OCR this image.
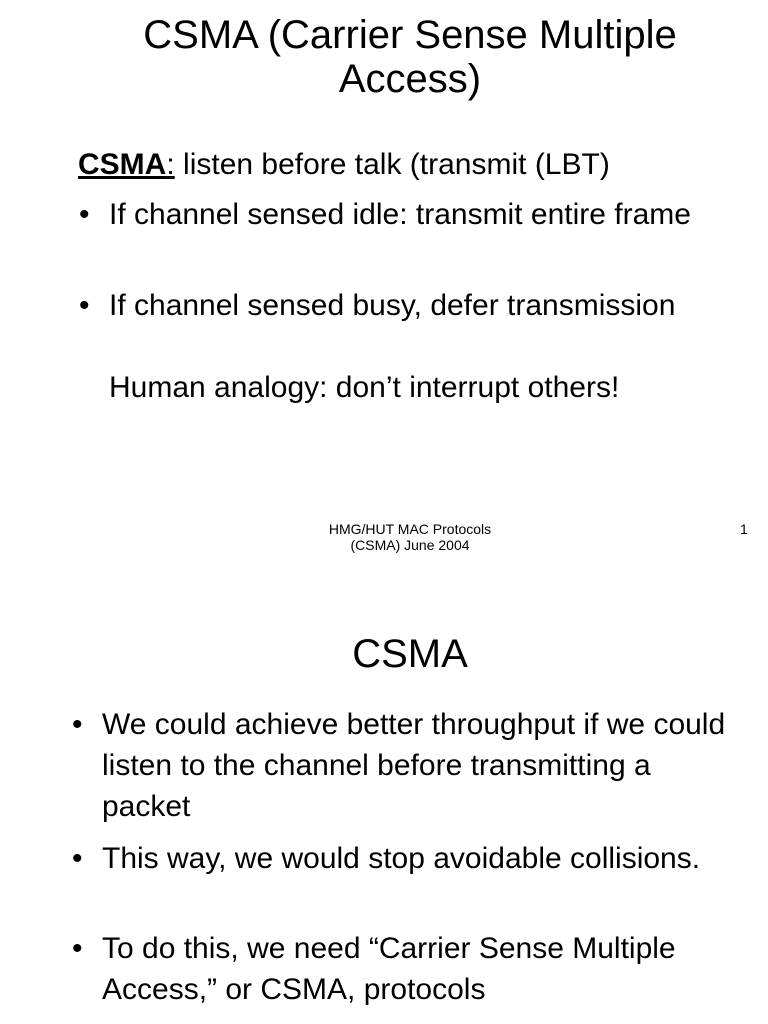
CSMA (Carrier Sense Multiple Access)
CSMA: listen before talk (transmit (LBT)
• If channel sensed idle: transmit entire frame
• If channel sensed busy, defer transmission
Human analogy: don’t interrupt others!
HMG/HUT MAC Protocols
(CSMA) June 2004
1
CSMA
• We could achieve better throughput if we could listen to the channel before transmitting a packet
• This way, we would stop avoidable collisions.
• To do this, we need “Carrier Sense Multiple Access,” or CSMA, protocols
